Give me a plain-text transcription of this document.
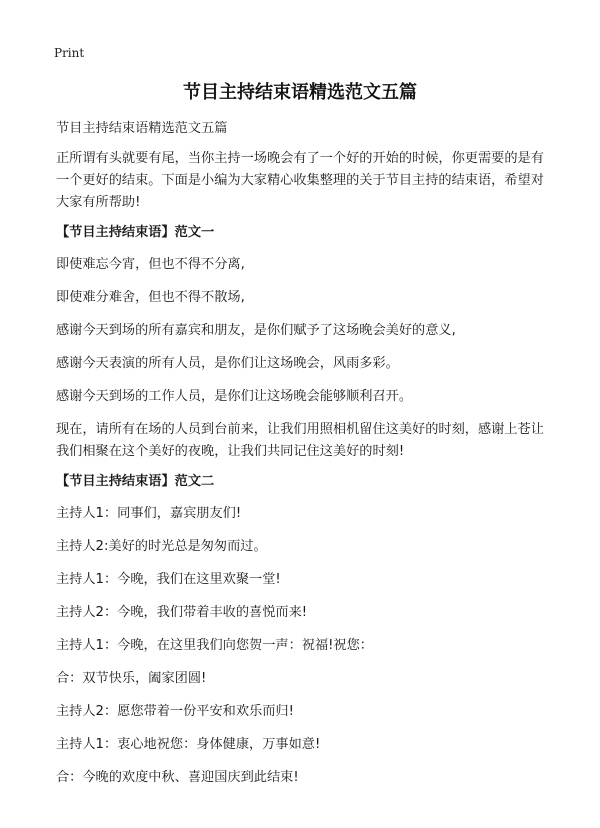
Print
节目主持结束语精选范文五篇

节目主持结束语精选范文五篇

正所谓有头就要有尾，当你主持一场晚会有了一个好的开始的时候，你更需要的是有一个更好的结束。下面是小编为大家精心收集整理的关于节目主持的结束语，希望对大家有所帮助!

【节目主持结束语】范文一

即使难忘今宵，但也不得不分离,

即使难分难舍，但也不得不散场,

感谢今天到场的所有嘉宾和朋友，是你们赋予了这场晚会美好的意义,

感谢今天表演的所有人员，是你们让这场晚会，风雨多彩。

感谢今天到场的工作人员，是你们让这场晚会能够顺利召开。

现在，请所有在场的人员到台前来，让我们用照相机留住这美好的时刻，感谢上苍让我们相聚在这个美好的夜晚，让我们共同记住这美好的时刻!

【节目主持结束语】范文二

主持人1：同事们，嘉宾朋友们!

主持人2:美好的时光总是匆匆而过。

主持人1：今晚，我们在这里欢聚一堂!

主持人2：今晚，我们带着丰收的喜悦而来!

主持人1：今晚，在这里我们向您贺一声：祝福!祝您：

合：双节快乐，阖家团圆!

主持人2：愿您带着一份平安和欢乐而归!

主持人1：衷心地祝您：身体健康，万事如意!

合：今晚的欢度中秋、喜迎国庆到此结束!
